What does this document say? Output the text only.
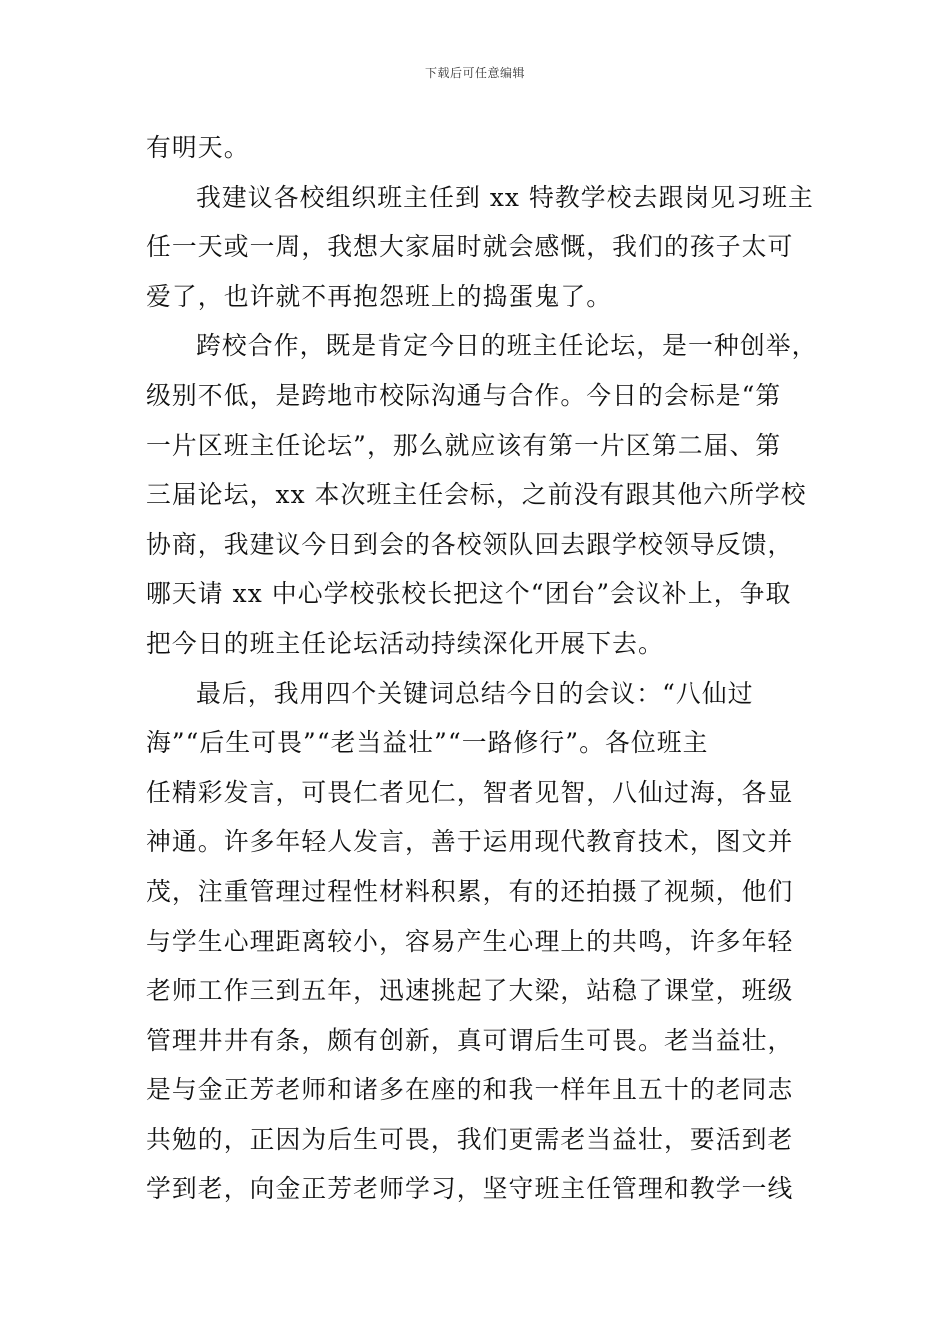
下载后可任意编辑
有明天。
我建议各校组织班主任到 xx 特教学校去跟岗见习班主
任一天或一周，我想大家届时就会感慨，我们的孩子太可
爱了，也许就不再抱怨班上的捣蛋鬼了。
跨校合作，既是肯定今日的班主任论坛，是一种创举，
级别不低，是跨地市校际沟通与合作。今日的会标是“第
一片区班主任论坛”，那么就应该有第一片区第二届、第
三届论坛，xx 本次班主任会标，之前没有跟其他六所学校
协商，我建议今日到会的各校领队回去跟学校领导反馈，
哪天请 xx 中心学校张校长把这个“团台”会议补上，争取
把今日的班主任论坛活动持续深化开展下去。
最后，我用四个关键词总结今日的会议：“八仙过
海”“后生可畏”“老当益壮”“一路修行”。各位班主
任精彩发言，可畏仁者见仁，智者见智，八仙过海，各显
神通。许多年轻人发言，善于运用现代教育技术，图文并
茂，注重管理过程性材料积累，有的还拍摄了视频，他们
与学生心理距离较小，容易产生心理上的共鸣，许多年轻
老师工作三到五年，迅速挑起了大梁，站稳了课堂，班级
管理井井有条，颇有创新，真可谓后生可畏。老当益壮，
是与金正芳老师和诸多在座的和我一样年且五十的老同志
共勉的，正因为后生可畏，我们更需老当益壮，要活到老
学到老，向金正芳老师学习，坚守班主任管理和教学一线
